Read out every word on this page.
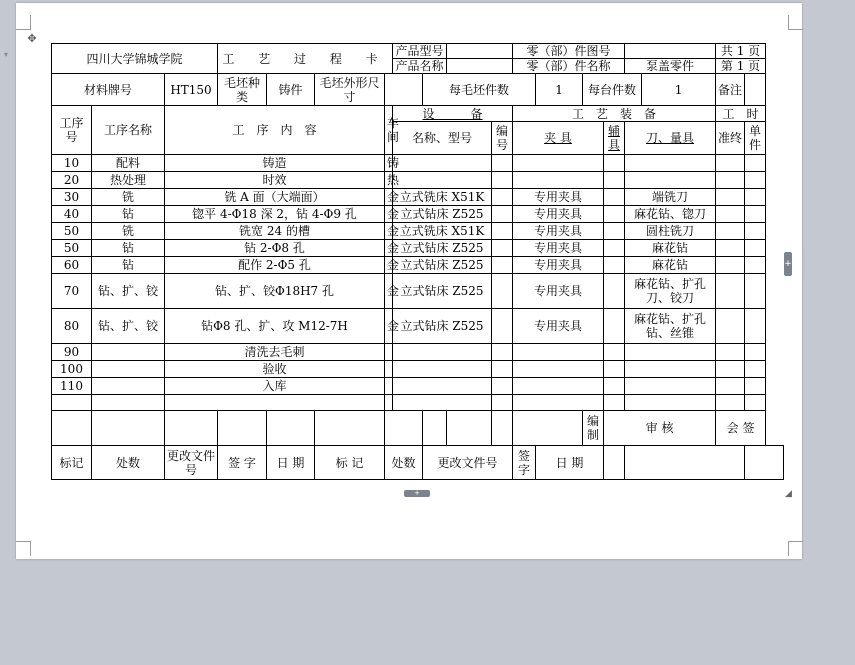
▾
✥
+
+	◢
四川大学锦城学院			工 艺 过 程 卡				产品型号				零（部）件图号						共 1 页	
							产品名称				零（部）件名称				泵盖零件		第 1 页	
材料牌号		HT150	毛坯种类	铸件	毛坯外形尺寸			每毛坯件数				1	每台件数			1	备注	
工序号	工序名称	工　序　内　容				车间	设　　　备				工　艺　装　备						工　时	
							名称、型号			编号	夹 具			辅具	刀、量具		准终	单件
10	配料	铸造				铸												
20	热处理	时效				热												
30	铣	铣 A 面（大端面）				金	立式铣床 X51K				专用夹具				端铣刀			
40	钻	锪平 4-Φ18 深 2，钻 4-Φ9 孔				金	立式钻床 Z525				专用夹具				麻花钻、锪刀			
50	铣	铣宽 24 的槽				金	立式铣床 X51K				专用夹具				圆柱铣刀			
50	钻	钻 2-Φ8 孔				金	立式钻床 Z525				专用夹具				麻花钻			
60	钻	配作 2-Φ5 孔				金	立式钻床 Z525				专用夹具				麻花钻			
70	钻、扩、铰	钻、扩、铰Φ18H7 孔				金	立式钻床 Z525				专用夹具				麻花钻、扩孔刀、铰刀			
80	钻、扩、铰	钻Φ8 孔、扩、攻 M12-7H				金	立式钻床 Z525				专用夹具				麻花钻、扩孔钻、丝锥			
90		清洗去毛刺																
100		验收																
110		入库																

													编制	审 核			会 签	
标记	处数	更改文件号	签 字	日 期	标 记	处数		更改文件号			签字	日 期						
